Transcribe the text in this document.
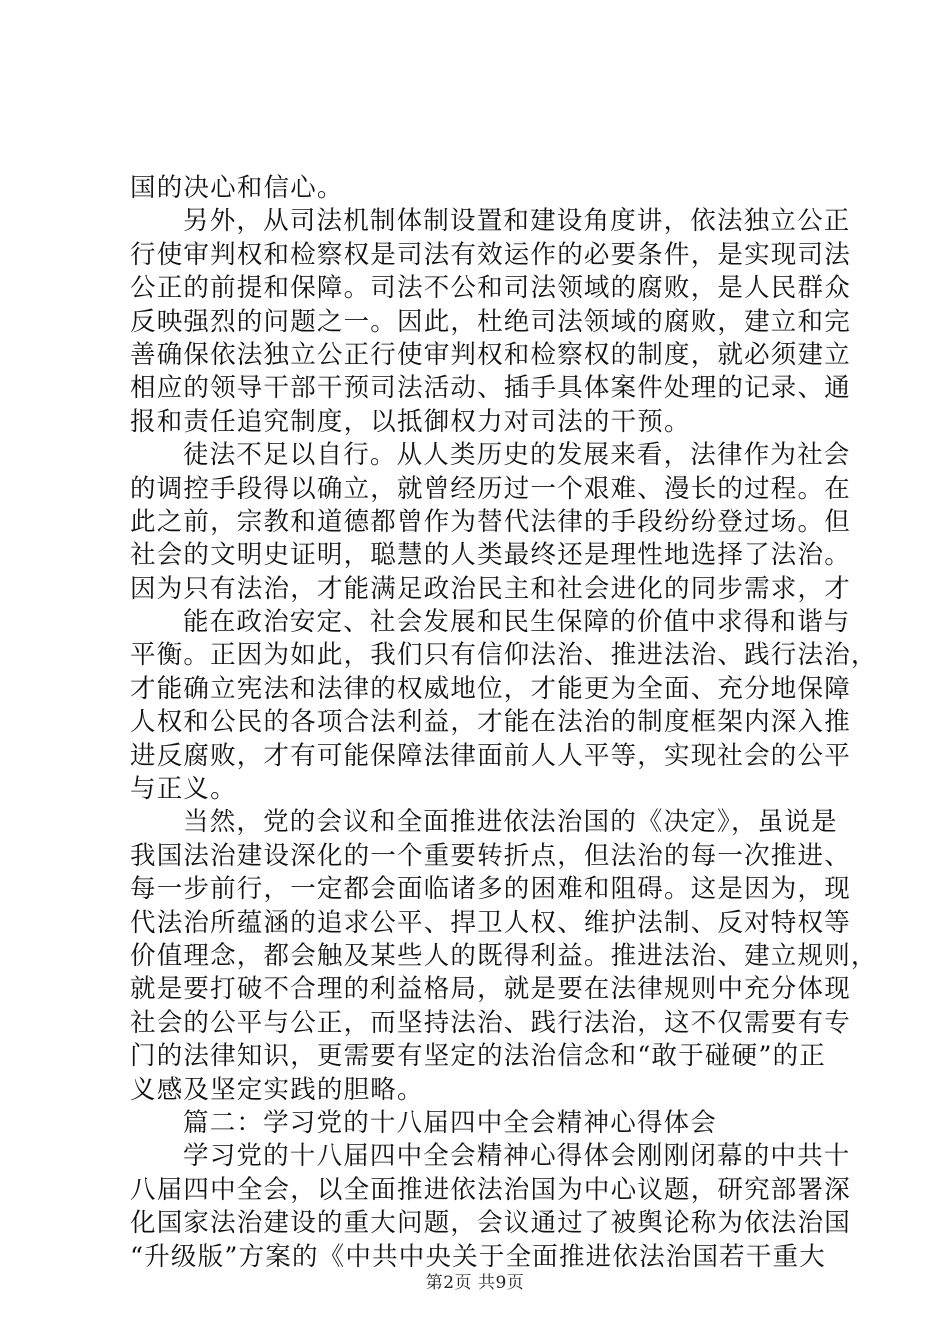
国的决心和信心。
另外，从司法机制体制设置和建设角度讲，依法独立公正
行使审判权和检察权是司法有效运作的必要条件，是实现司法
公正的前提和保障。司法不公和司法领域的腐败，是人民群众
反映强烈的问题之一。因此，杜绝司法领域的腐败，建立和完
善确保依法独立公正行使审判权和检察权的制度，就必须建立
相应的领导干部干预司法活动、插手具体案件处理的记录、通
报和责任追究制度，以抵御权力对司法的干预。
徒法不足以自行。从人类历史的发展来看，法律作为社会
的调控手段得以确立，就曾经历过一个艰难、漫长的过程。在
此之前，宗教和道德都曾作为替代法律的手段纷纷登过场。但
社会的文明史证明，聪慧的人类最终还是理性地选择了法治。
因为只有法治，才能满足政治民主和社会进化的同步需求，才
能在政治安定、社会发展和民生保障的价值中求得和谐与
平衡。正因为如此，我们只有信仰法治、推进法治、践行法治，
才能确立宪法和法律的权威地位，才能更为全面、充分地保障
人权和公民的各项合法利益，才能在法治的制度框架内深入推
进反腐败，才有可能保障法律面前人人平等，实现社会的公平
与正义。
当然，党的会议和全面推进依法治国的《决定》，虽说是
我国法治建设深化的一个重要转折点，但法治的每一次推进、
每一步前行，一定都会面临诸多的困难和阻碍。这是因为，现
代法治所蕴涵的追求公平、捍卫人权、维护法制、反对特权等
价值理念，都会触及某些人的既得利益。推进法治、建立规则，
就是要打破不合理的利益格局，就是要在法律规则中充分体现
社会的公平与公正，而坚持法治、践行法治，这不仅需要有专
门的法律知识，更需要有坚定的法治信念和“敢于碰硬”的正
义感及坚定实践的胆略。
篇二：学习党的十八届四中全会精神心得体会
学习党的十八届四中全会精神心得体会刚刚闭幕的中共十
八届四中全会，以全面推进依法治国为中心议题，研究部署深
化国家法治建设的重大问题，会议通过了被舆论称为依法治国
“升级版”方案的《中共中央关于全面推进依法治国若干重大
第2页 共9页
